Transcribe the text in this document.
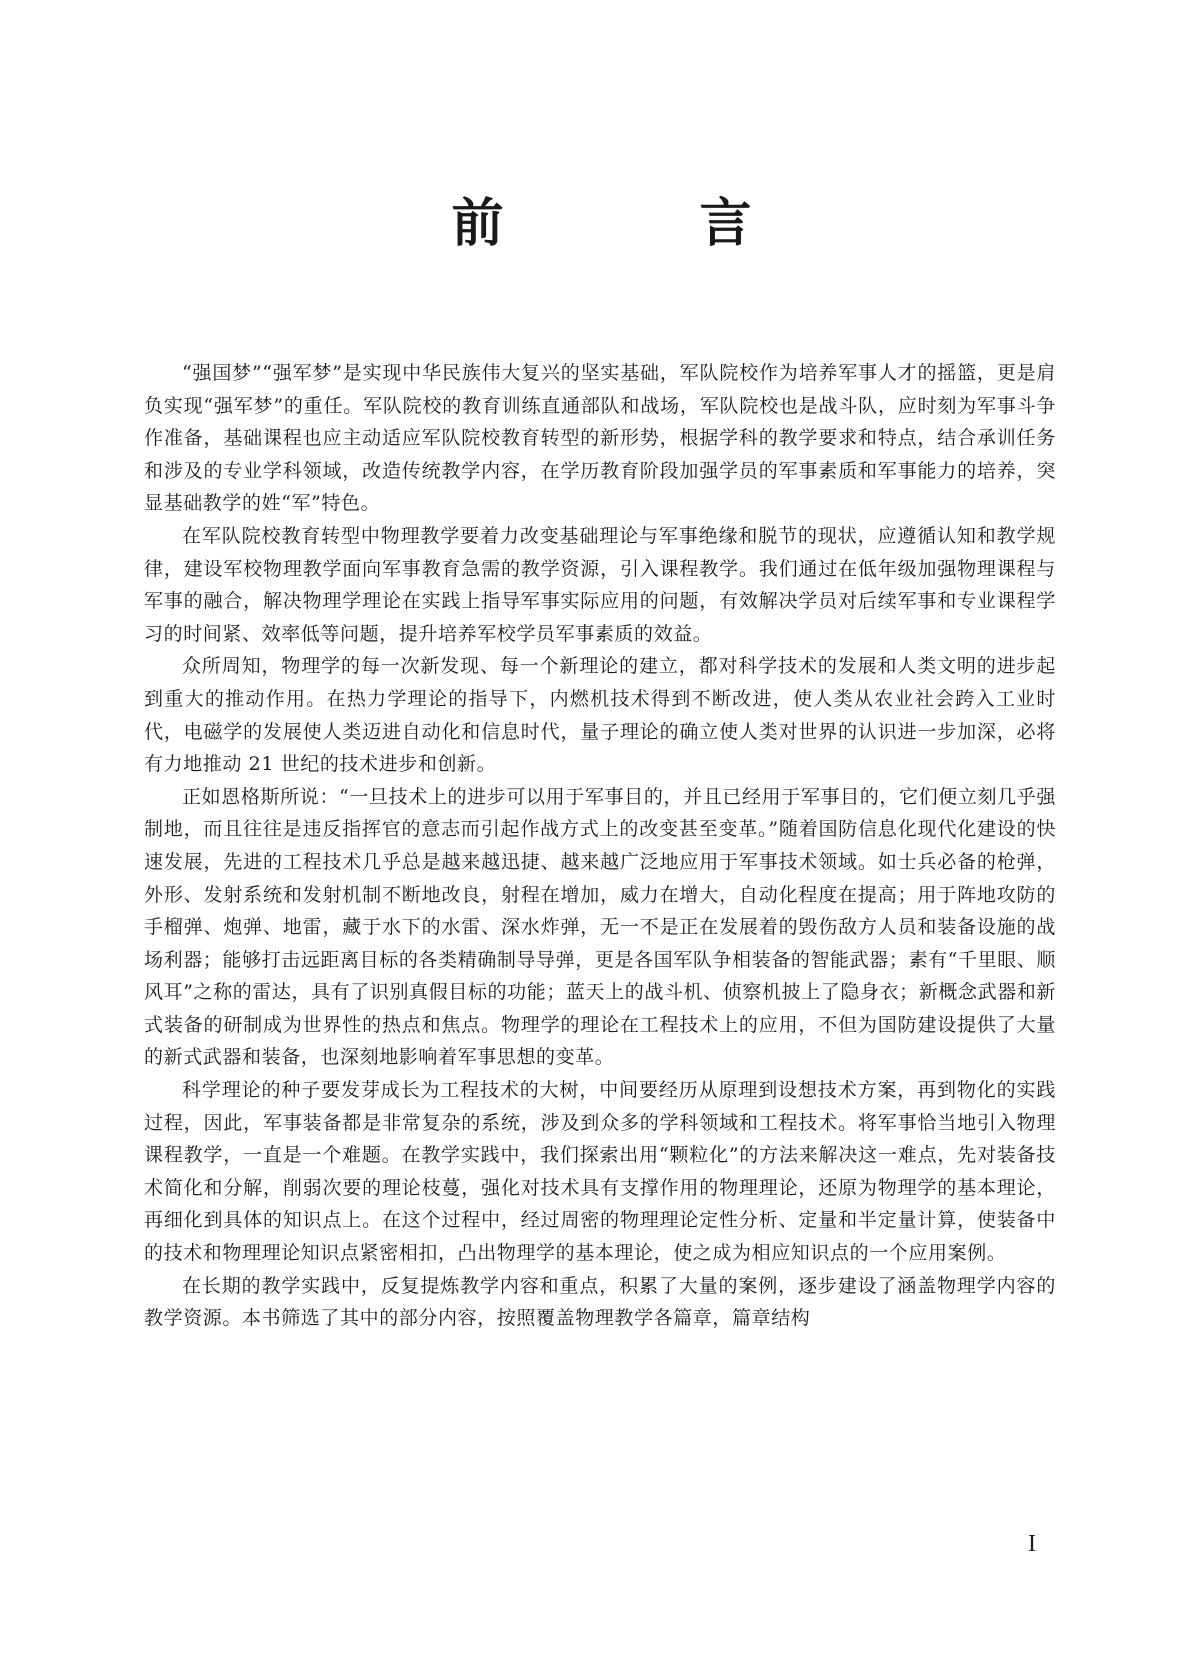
前　言

“强国梦”“强军梦”是实现中华民族伟大复兴的坚实基础，军队院校作为培养军事人才的摇篮，更是肩负实现“强军梦”的重任。军队院校的教育训练直通部队和战场，军队院校也是战斗队，应时刻为军事斗争作准备，基础课程也应主动适应军队院校教育转型的新形势，根据学科的教学要求和特点，结合承训任务和涉及的专业学科领域，改造传统教学内容，在学历教育阶段加强学员的军事素质和军事能力的培养，突显基础教学的姓“军”特色。

在军队院校教育转型中物理教学要着力改变基础理论与军事绝缘和脱节的现状，应遵循认知和教学规律，建设军校物理教学面向军事教育急需的教学资源，引入课程教学。我们通过在低年级加强物理课程与军事的融合，解决物理学理论在实践上指导军事实际应用的问题，有效解决学员对后续军事和专业课程学习的时间紧、效率低等问题，提升培养军校学员军事素质的效益。

众所周知，物理学的每一次新发现、每一个新理论的建立，都对科学技术的发展和人类文明的进步起到重大的推动作用。在热力学理论的指导下，内燃机技术得到不断改进，使人类从农业社会跨入工业时代，电磁学的发展使人类迈进自动化和信息时代，量子理论的确立使人类对世界的认识进一步加深，必将有力地推动 21 世纪的技术进步和创新。

正如恩格斯所说：“一旦技术上的进步可以用于军事目的，并且已经用于军事目的，它们便立刻几乎强制地，而且往往是违反指挥官的意志而引起作战方式上的改变甚至变革。”随着国防信息化现代化建设的快速发展，先进的工程技术几乎总是越来越迅捷、越来越广泛地应用于军事技术领域。如士兵必备的枪弹，外形、发射系统和发射机制不断地改良，射程在增加，威力在增大，自动化程度在提高；用于阵地攻防的手榴弹、炮弹、地雷，藏于水下的水雷、深水炸弹，无一不是正在发展着的毁伤敌方人员和装备设施的战场利器；能够打击远距离目标的各类精确制导导弹，更是各国军队争相装备的智能武器；素有“千里眼、顺风耳”之称的雷达，具有了识别真假目标的功能；蓝天上的战斗机、侦察机披上了隐身衣；新概念武器和新式装备的研制成为世界性的热点和焦点。物理学的理论在工程技术上的应用，不但为国防建设提供了大量的新式武器和装备，也深刻地影响着军事思想的变革。

科学理论的种子要发芽成长为工程技术的大树，中间要经历从原理到设想技术方案，再到物化的实践过程，因此，军事装备都是非常复杂的系统，涉及到众多的学科领域和工程技术。将军事恰当地引入物理课程教学，一直是一个难题。在教学实践中，我们探索出用“颗粒化”的方法来解决这一难点，先对装备技术简化和分解，削弱次要的理论枝蔓，强化对技术具有支撑作用的物理理论，还原为物理学的基本理论，再细化到具体的知识点上。在这个过程中，经过周密的物理理论定性分析、定量和半定量计算，使装备中的技术和物理理论知识点紧密相扣，凸出物理学的基本理论，使之成为相应知识点的一个应用案例。

在长期的教学实践中，反复提炼教学内容和重点，积累了大量的案例，逐步建设了涵盖物理学内容的教学资源。本书筛选了其中的部分内容，按照覆盖物理教学各篇章，篇章结构

I
